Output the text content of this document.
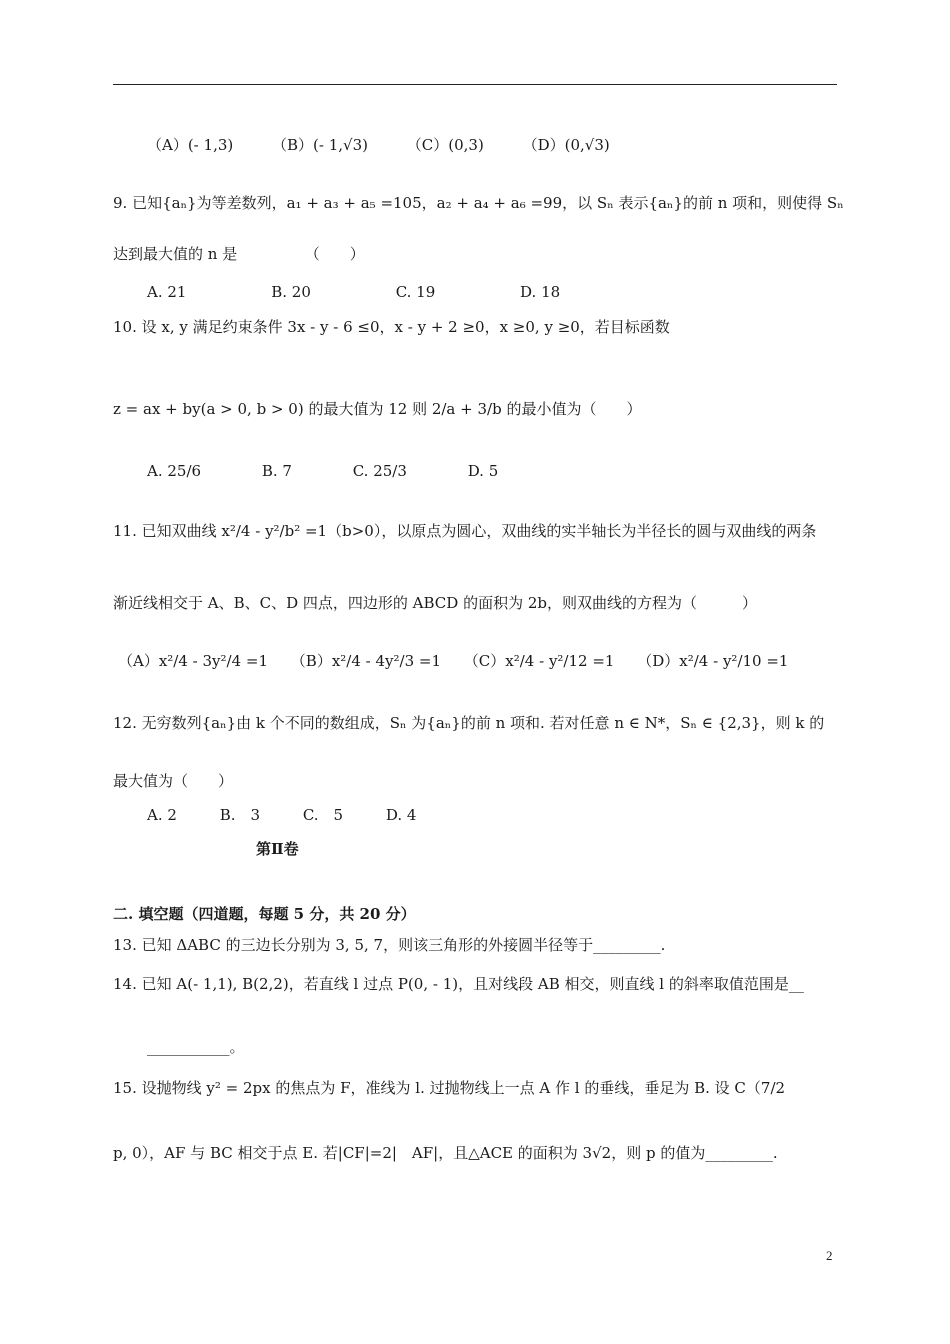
（A）(- 1,3)	（B）(- 1,√3)	（C）(0,3)	（D）(0,√3)
9. 已知{aₙ}为等差数列，a₁ + a₃ + a₅ =105，a₂ + a₄ + a₆ =99，以 Sₙ 表示{aₙ}的前 n 项和，则使得 Sₙ
达到最大值的 n 是　　　　　（　　）
A. 21	B. 20	C. 19	D. 18
10. 设 x, y 满足约束条件 3x - y - 6 ≤0，x - y + 2 ≥0，x ≥0, y ≥0，若目标函数
z = ax + by(a > 0, b > 0) 的最大值为 12 则 2/a + 3/b 的最小值为（　　）
A. 25/6	B. 7	C. 25/3	D. 5
11. 已知双曲线 x²/4 - y²/b² =1（b>0），以原点为圆心，双曲线的实半轴长为半径长的圆与双曲线的两条
渐近线相交于 A、B、C、D 四点，四边形的 ABCD 的面积为 2b，则双曲线的方程为（　　　）
（A）x²/4 - 3y²/4 =1 （B）x²/4 - 4y²/3 =1 （C）x²/4 - y²/12 =1 （D）x²/4 - y²/10 =1
12. 无穷数列{aₙ}由 k 个不同的数组成，Sₙ 为{aₙ}的前 n 项和. 若对任意 n ∈ N*，Sₙ ∈ {2,3}，则 k 的
最大值为（　　）
A. 2	B.　3	C.　5	D. 4
第Ⅱ卷
二. 填空题（四道题，每题 5 分，共 20 分）
13. 已知 ΔABC 的三边长分别为 3, 5, 7，则该三角形的外接圆半径等于_________.
14. 已知 A(- 1,1), B(2,2)，若直线 l 过点 P(0, - 1)，且对线段 AB 相交，则直线 l 的斜率取值范围是__
___________。
15. 设抛物线 y² = 2px 的焦点为 F，准线为 l. 过抛物线上一点 A 作 l 的垂线，垂足为 B. 设 C（7/2
p, 0），AF 与 BC 相交于点 E. 若|CF|=2|　AF|，且△ACE 的面积为 3√2，则 p 的值为_________.
2
